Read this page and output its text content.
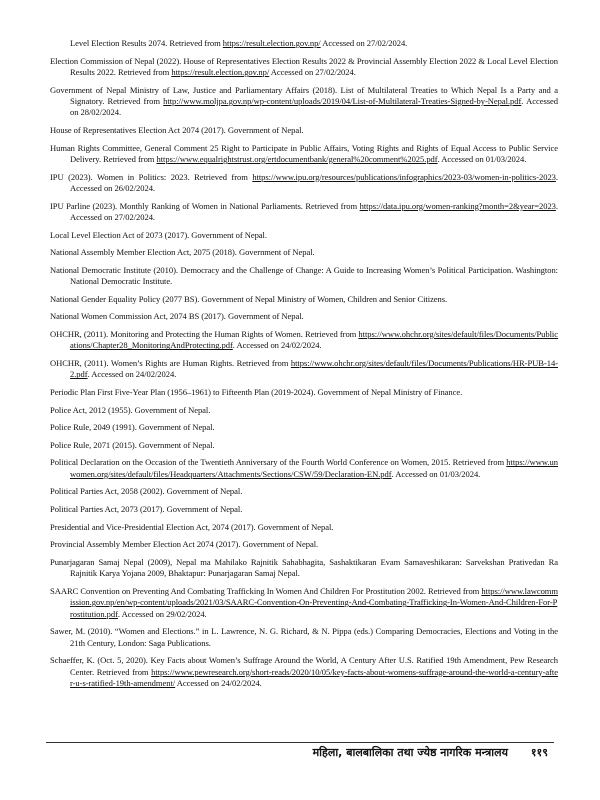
Level Election Results 2074. Retrieved from https://result.election.gov.np/ Accessed on 27/02/2024.

Election Commission of Nepal (2022). House of Representatives Election Results 2022 & Provincial Assembly Election 2022 & Local Level Election Results 2022. Retrieved from https://result.election.gov.np/ Accessed on 27/02/2024.

Government of Nepal Ministry of Law, Justice and Parliamentary Affairs (2018). List of Multilateral Treaties to Which Nepal Is a Party and a Signatory. Retrieved from http://www.moljpa.gov.np/wp-content/uploads/2019/04/List-of-Multilateral-Treaties-Signed-by-Nepal.pdf. Accessed on 28/02/2024.

House of Representatives Election Act 2074 (2017). Government of Nepal.

Human Rights Committee, General Comment 25 Right to Participate in Public Affairs, Voting Rights and Rights of Equal Access to Public Service Delivery. Retrieved from https://www.equalrightstrust.org/ertdocumentbank/general%20comment%2025.pdf. Accessed on 01/03/2024.

IPU (2023). Women in Politics: 2023. Retrieved from https://www.ipu.org/resources/publications/infographics/2023-03/women-in-politics-2023. Accessed on 26/02/2024.

IPU Parline (2023). Monthly Ranking of Women in National Parliaments. Retrieved from https://data.ipu.org/women-ranking?month=2&year=2023. Accessed on 27/02/2024.

Local Level Election Act of 2073 (2017). Government of Nepal.

National Assembly Member Election Act, 2075 (2018). Government of Nepal.

National Democratic Institute (2010). Democracy and the Challenge of Change: A Guide to Increasing Women’s Political Participation. Washington: National Democratic Institute.

National Gender Equality Policy (2077 BS). Government of Nepal Ministry of Women, Children and Senior Citizens.

National Women Commission Act, 2074 BS (2017). Government of Nepal.

OHCHR, (2011). Monitoring and Protecting the Human Rights of Women. Retrieved from https://www.ohchr.org/sites/default/files/Documents/Publications/Chapter28_MonitoringAndProtecting.pdf. Accessed on 24/02/2024.

OHCHR, (2011). Women’s Rights are Human Rights. Retrieved from https://www.ohchr.org/sites/default/files/Documents/Publications/HR-PUB-14-2.pdf. Accessed on 24/02/2024.

Periodic Plan First Five-Year Plan (1956–1961) to Fifteenth Plan (2019-2024). Government of Nepal Ministry of Finance.

Police Act, 2012 (1955). Government of Nepal.

Police Rule, 2049 (1991). Government of Nepal.

Police Rule, 2071 (2015). Government of Nepal.

Political Declaration on the Occasion of the Twentieth Anniversary of the Fourth World Conference on Women, 2015. Retrieved from https://www.unwomen.org/sites/default/files/Headquarters/Attachments/Sections/CSW/59/Declaration-EN.pdf. Accessed on 01/03/2024.

Political Parties Act, 2058 (2002). Government of Nepal.

Political Parties Act, 2073 (2017). Government of Nepal.

Presidential and Vice-Presidential Election Act, 2074 (2017). Government of Nepal.

Provincial Assembly Member Election Act 2074 (2017). Government of Nepal.

Punarjagaran Samaj Nepal (2009), Nepal ma Mahilako Rajnitik Sahabhagita, Sashaktikaran Evam Samaveshikaran: Sarvekshan Prativedan Ra Rajnitik Karya Yojana 2009, Bhaktapur: Punarjagaran Samaj Nepal.

SAARC Convention on Preventing And Combating Trafficking In Women And Children For Prostitution 2002. Retrieved from https://www.lawcommission.gov.np/en/wp-content/uploads/2021/03/SAARC-Convention-On-Preventing-And-Combating-Trafficking-In-Women-And-Children-For-Prostitution.pdf. Accessed on 29/02/2024.

Sawer, M. (2010). “Women and Elections.” in L. Lawrence, N. G. Richard, & N. Pippa (eds.) Comparing Democracies, Elections and Voting in the 21th Century, London: Saga Publications.

Schaeffer, K. (Oct. 5, 2020). Key Facts about Women’s Suffrage Around the World, A Century After U.S. Ratified 19th Amendment, Pew Research Center. Retrieved from https://www.pewresearch.org/short-reads/2020/10/05/key-facts-about-womens-suffrage-around-the-world-a-century-after-u-s-ratified-19th-amendment/ Accessed on 24/02/2024.

महिला, बालबालिका तथा ज्येष्ठ नागरिक मन्त्रालय ११९
